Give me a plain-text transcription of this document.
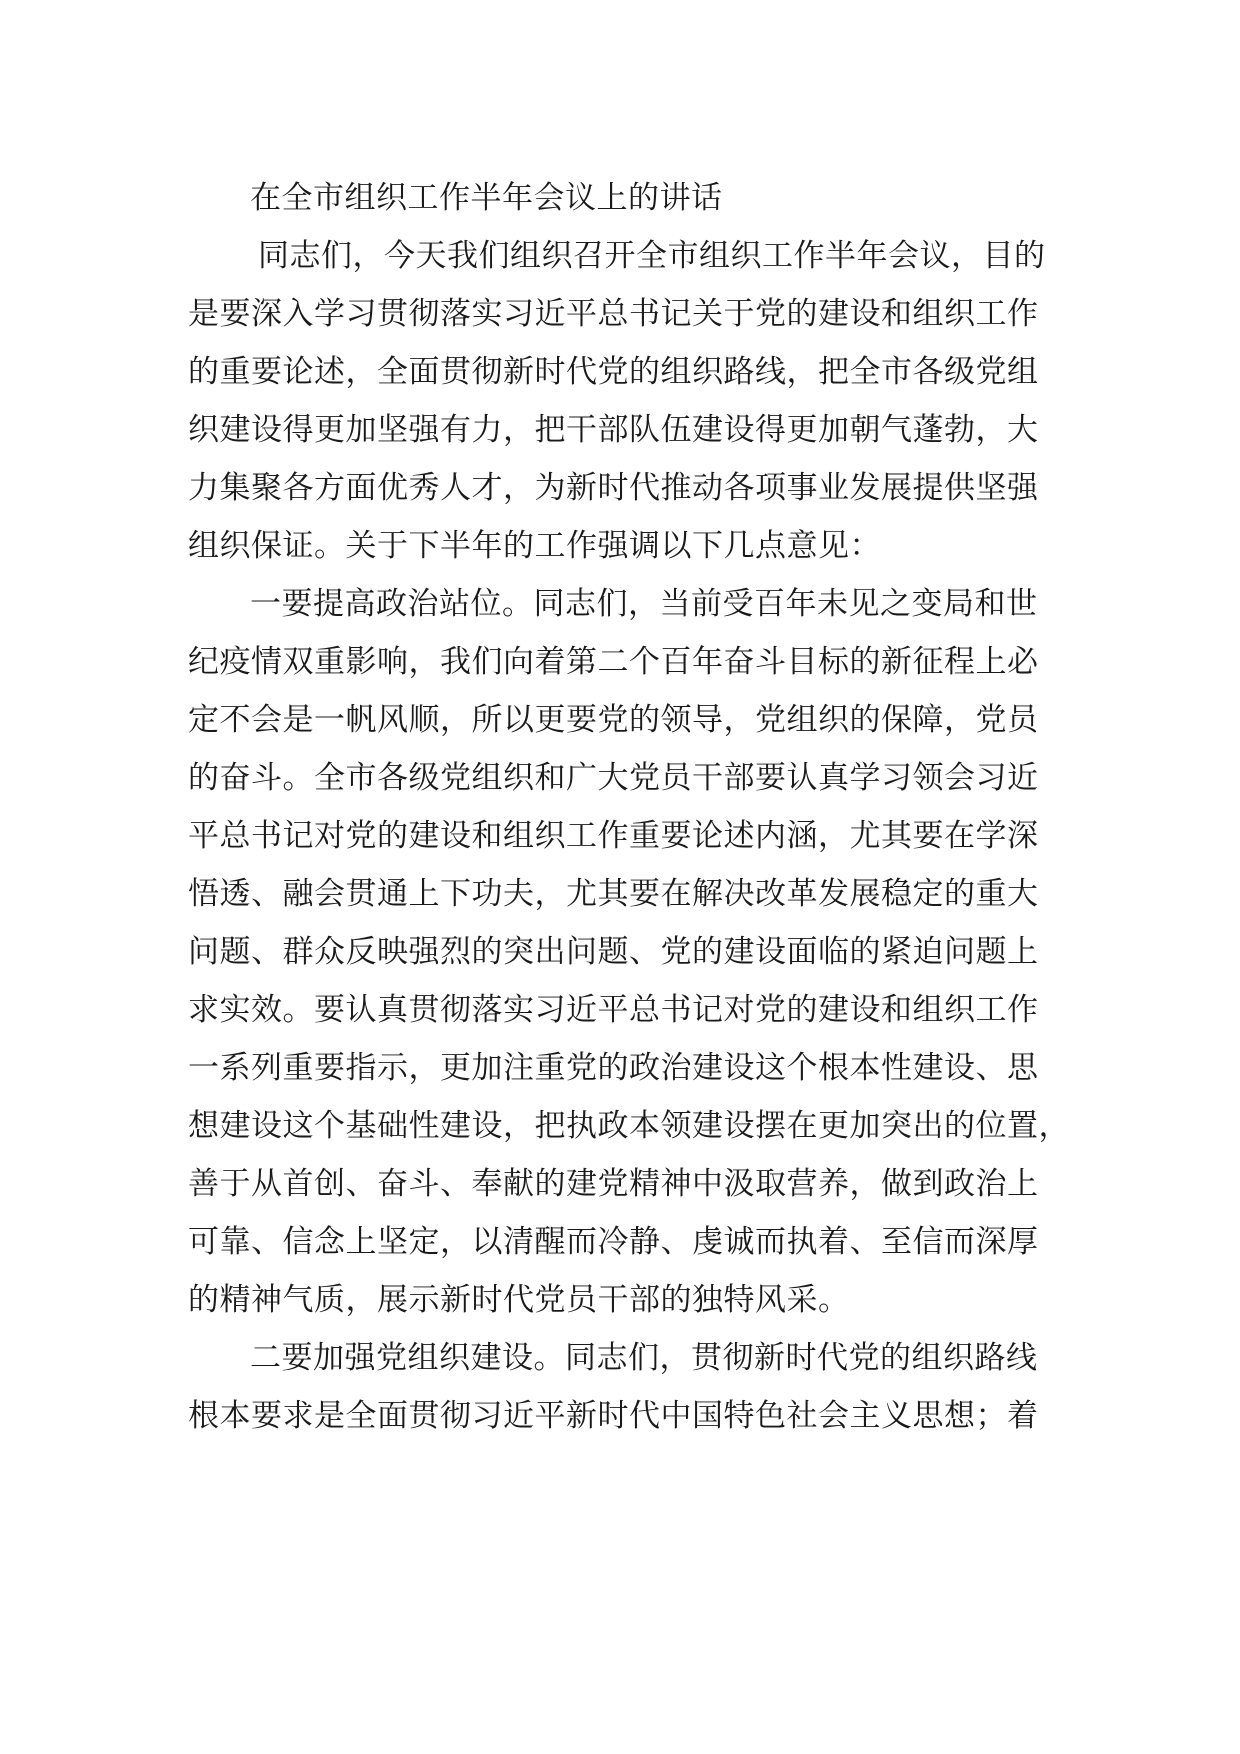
在全市组织工作半年会议上的讲话
同志们，今天我们组织召开全市组织工作半年会议，目的
是要深入学习贯彻落实习近平总书记关于党的建设和组织工作
的重要论述，全面贯彻新时代党的组织路线，把全市各级党组
织建设得更加坚强有力，把干部队伍建设得更加朝气蓬勃，大
力集聚各方面优秀人才，为新时代推动各项事业发展提供坚强
组织保证。关于下半年的工作强调以下几点意见：
一要提高政治站位。同志们，当前受百年未见之变局和世
纪疫情双重影响，我们向着第二个百年奋斗目标的新征程上必
定不会是一帆风顺，所以更要党的领导，党组织的保障，党员
的奋斗。全市各级党组织和广大党员干部要认真学习领会习近
平总书记对党的建设和组织工作重要论述内涵，尤其要在学深
悟透、融会贯通上下功夫，尤其要在解决改革发展稳定的重大
问题、群众反映强烈的突出问题、党的建设面临的紧迫问题上
求实效。要认真贯彻落实习近平总书记对党的建设和组织工作
一系列重要指示，更加注重党的政治建设这个根本性建设、思
想建设这个基础性建设，把执政本领建设摆在更加突出的位置，
善于从首创、奋斗、奉献的建党精神中汲取营养，做到政治上
可靠、信念上坚定，以清醒而冷静、虔诚而执着、至信而深厚
的精神气质，展示新时代党员干部的独特风采。
二要加强党组织建设。同志们，贯彻新时代党的组织路线
根本要求是全面贯彻习近平新时代中国特色社会主义思想；着
